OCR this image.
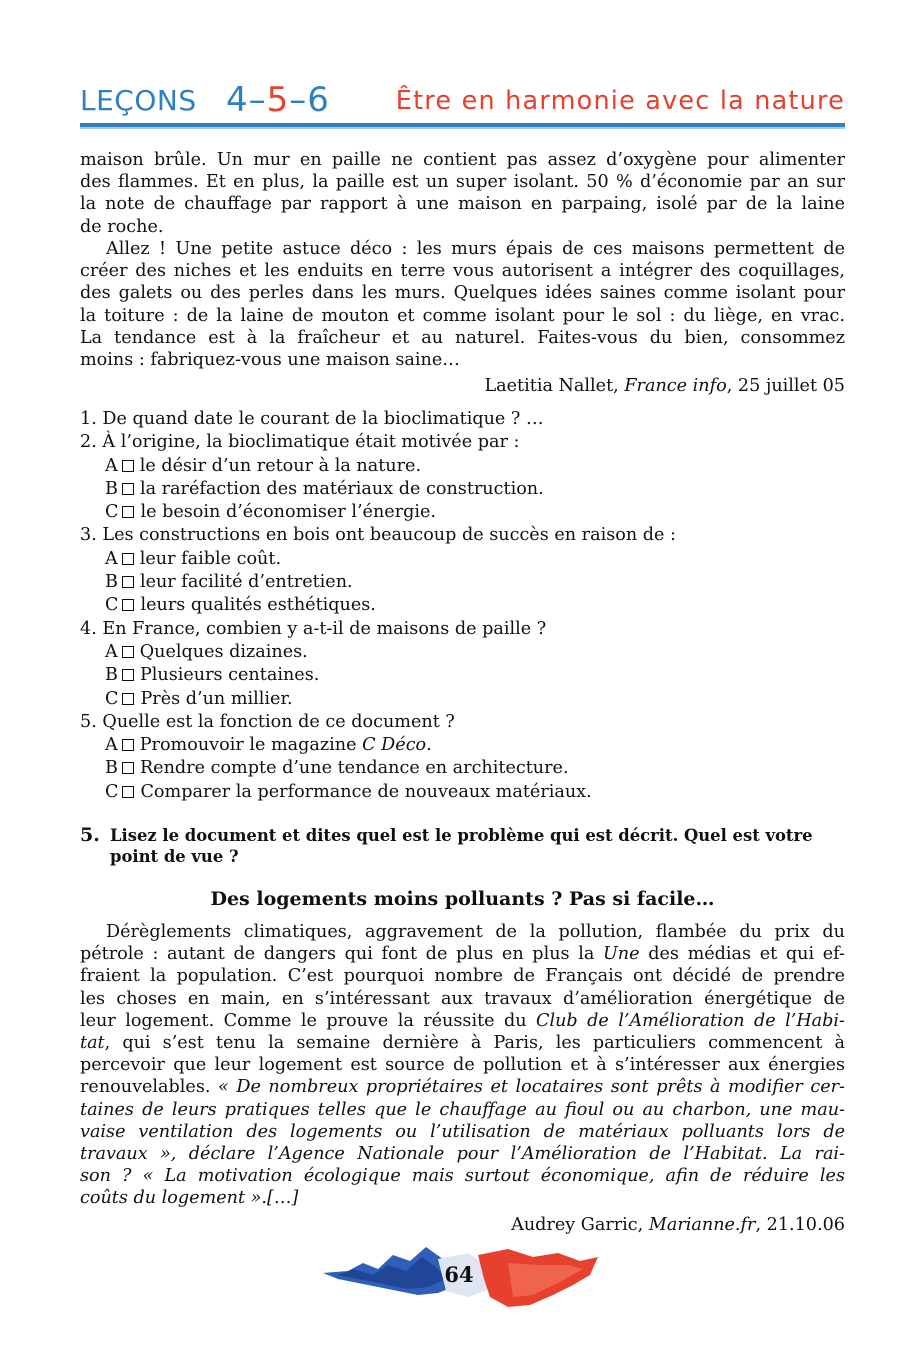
LEÇONS 4–5–6	Être en harmonie avec la nature
maison brûle. Un mur en paille ne contient pas assez d’oxygène pour alimenter
des flammes. Et en plus, la paille est un super isolant. 50 % d’économie par an sur
la note de chauffage par rapport à une maison en parpaing, isolé par de la laine
de roche.
Allez ! Une petite astuce déco : les murs épais de ces maisons permettent de
créer des niches et les enduits en terre vous autorisent a intégrer des coquillages,
des galets ou des perles dans les murs. Quelques idées saines comme isolant pour
la toiture : de la laine de mouton et comme isolant pour le sol : du liège, en vrac.
La tendance est à la fraîcheur et au naturel. Faites-vous du bien, consommez
moins : fabriquez-vous une maison saine…
Laetitia Nallet, France info, 25 juillet 05
1. De quand date le courant de la bioclimatique ? …
2. À l’origine, la bioclimatique était motivée par :
A le désir d’un retour à la nature.
B la raréfaction des matériaux de construction.
C le besoin d’économiser l’énergie.
3. Les constructions en bois ont beaucoup de succès en raison de :
A leur faible coût.
B leur facilité d’entretien.
C leurs qualités esthétiques.
4. En France, combien y a-t-il de maisons de paille ?
A Quelques dizaines.
B Plusieurs centaines.
C Près d’un millier.
5. Quelle est la fonction de ce document ?
A Promouvoir le magazine C Déco.
B Rendre compte d’une tendance en architecture.
C Comparer la performance de nouveaux matériaux.
5. Lisez le document et dites quel est le problème qui est décrit. Quel est votre
point de vue ?
Des logements moins polluants ? Pas si facile…
Dérèglements climatiques, aggravement de la pollution, flambée du prix du
pétrole : autant de dangers qui font de plus en plus la Une des médias et qui ef-
fraient la population. C’est pourquoi nombre de Français ont décidé de prendre
les choses en main, en s’intéressant aux travaux d’amélioration énergétique de
leur logement. Comme le prouve la réussite du Club de l’Amélioration de l’Habi-
tat, qui s’est tenu la semaine dernière à Paris, les particuliers commencent à
percevoir que leur logement est source de pollution et à s’intéresser aux énergies
renouvelables. « De nombreux propriétaires et locataires sont prêts à modifier cer-
taines de leurs pratiques telles que le chauffage au fioul ou au charbon, une mau-
vaise ventilation des logements ou l’utilisation de matériaux polluants lors de
travaux », déclare l’Agence Nationale pour l’Amélioration de l’Habitat. La rai-
son ? « La motivation écologique mais surtout économique, afin de réduire les
coûts du logement ».[…]
Audrey Garric, Marianne.fr, 21.10.06
64
